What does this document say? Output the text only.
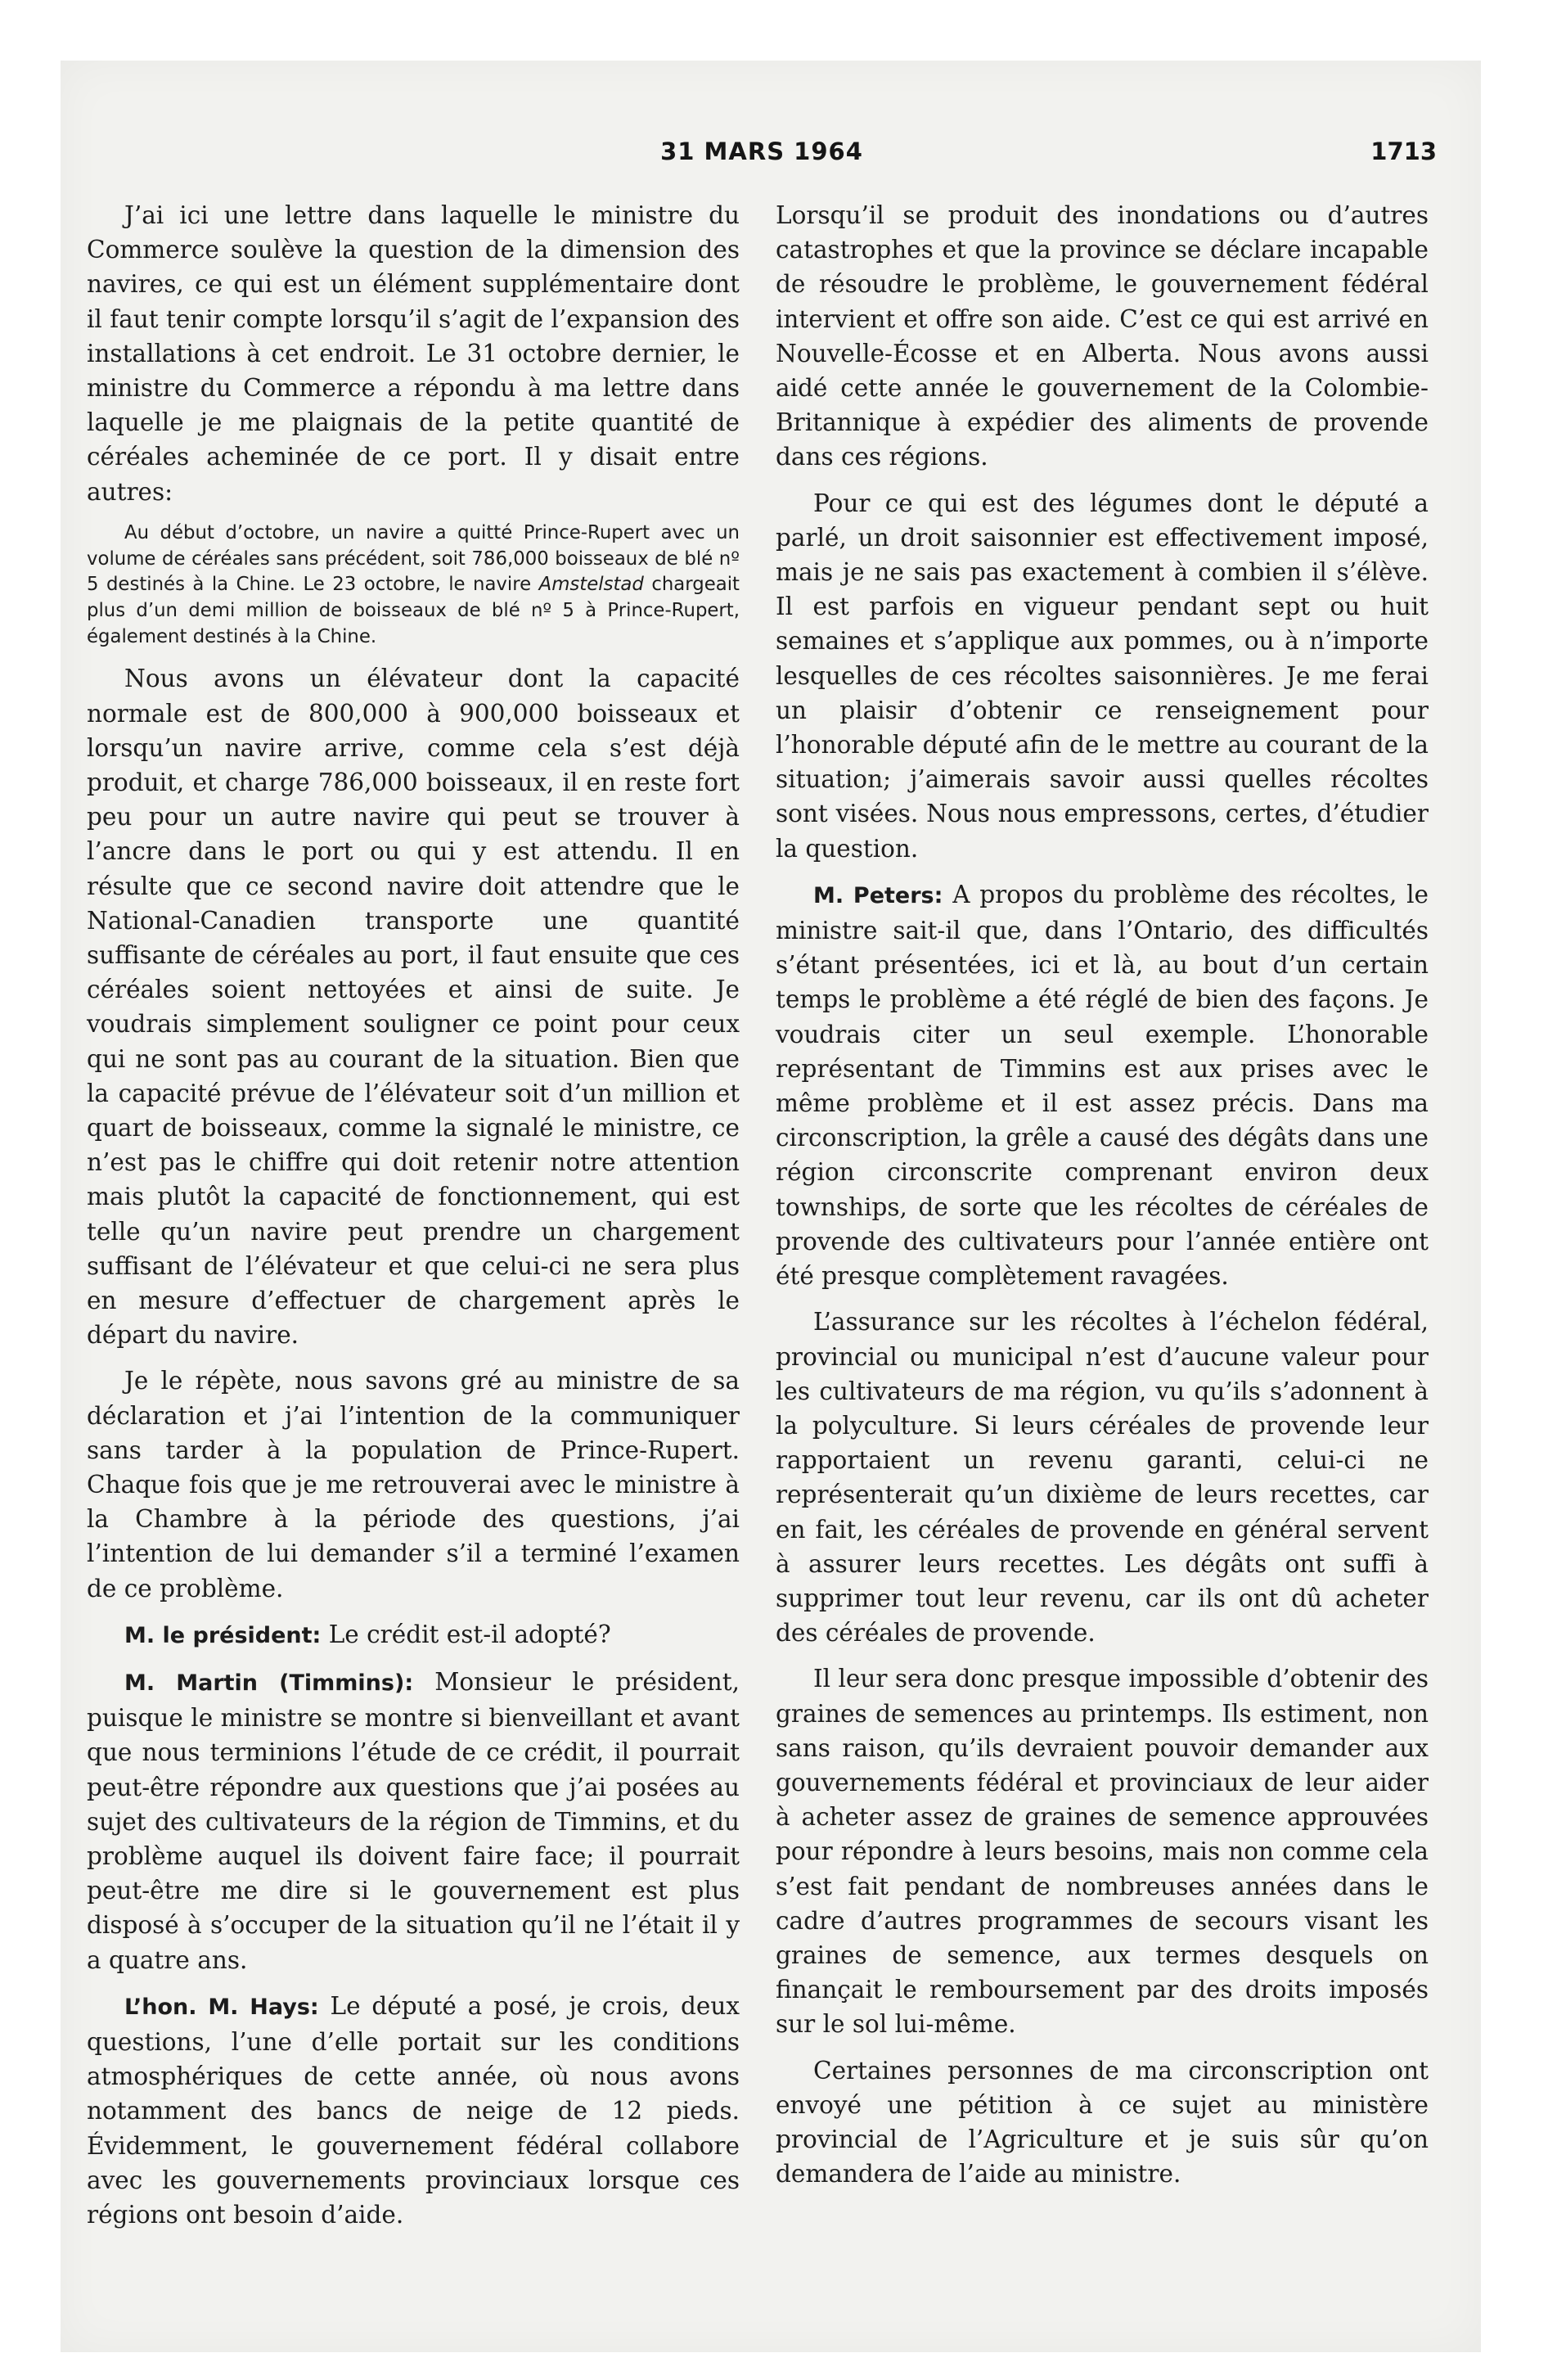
31 MARS 1964	1713

J’ai ici une lettre dans laquelle le ministre du Commerce soulève la question de la dimension des navires, ce qui est un élément supplémentaire dont il faut tenir compte lorsqu’il s’agit de l’expansion des installations à cet endroit. Le 31 octobre dernier, le ministre du Commerce a répondu à ma lettre dans laquelle je me plaignais de la petite quantité de céréales acheminée de ce port. Il y disait entre autres:

Au début d’octobre, un navire a quitté Prince-Rupert avec un volume de céréales sans précédent, soit 786,000 boisseaux de blé nº 5 destinés à la Chine. Le 23 octobre, le navire Amstelstad chargeait plus d’un demi million de boisseaux de blé nº 5 à Prince-Rupert, également destinés à la Chine.

Nous avons un élévateur dont la capacité normale est de 800,000 à 900,000 boisseaux et lorsqu’un navire arrive, comme cela s’est déjà produit, et charge 786,000 boisseaux, il en reste fort peu pour un autre navire qui peut se trouver à l’ancre dans le port ou qui y est attendu. Il en résulte que ce second navire doit attendre que le National-Canadien transporte une quantité suffisante de céréales au port, il faut ensuite que ces céréales soient nettoyées et ainsi de suite. Je voudrais simplement souligner ce point pour ceux qui ne sont pas au courant de la situation. Bien que la capacité prévue de l’élévateur soit d’un million et quart de boisseaux, comme la signalé le ministre, ce n’est pas le chiffre qui doit retenir notre attention mais plutôt la capacité de fonctionnement, qui est telle qu’un navire peut prendre un chargement suffisant de l’élévateur et que celui-ci ne sera plus en mesure d’effectuer de chargement après le départ du navire.

Je le répète, nous savons gré au ministre de sa déclaration et j’ai l’intention de la communiquer sans tarder à la population de Prince-Rupert. Chaque fois que je me retrouverai avec le ministre à la Chambre à la période des questions, j’ai l’intention de lui demander s’il a terminé l’examen de ce problème.

M. le président: Le crédit est-il adopté?

M. Martin (Timmins): Monsieur le président, puisque le ministre se montre si bienveillant et avant que nous terminions l’étude de ce crédit, il pourrait peut-être répondre aux questions que j’ai posées au sujet des cultivateurs de la région de Timmins, et du problème auquel ils doivent faire face; il pourrait peut-être me dire si le gouvernement est plus disposé à s’occuper de la situation qu’il ne l’était il y a quatre ans.

L’hon. M. Hays: Le député a posé, je crois, deux questions, l’une d’elle portait sur les conditions atmosphériques de cette année, où nous avons notamment des bancs de neige de 12 pieds. Évidemment, le gouvernement fédéral collabore avec les gouvernements provinciaux lorsque ces régions ont besoin d’aide.

Lorsqu’il se produit des inondations ou d’autres catastrophes et que la province se déclare incapable de résoudre le problème, le gouvernement fédéral intervient et offre son aide. C’est ce qui est arrivé en Nouvelle-Écosse et en Alberta. Nous avons aussi aidé cette année le gouvernement de la Colombie-Britannique à expédier des aliments de provende dans ces régions.

Pour ce qui est des légumes dont le député a parlé, un droit saisonnier est effectivement imposé, mais je ne sais pas exactement à combien il s’élève. Il est parfois en vigueur pendant sept ou huit semaines et s’applique aux pommes, ou à n’importe lesquelles de ces récoltes saisonnières. Je me ferai un plaisir d’obtenir ce renseignement pour l’honorable député afin de le mettre au courant de la situation; j’aimerais savoir aussi quelles récoltes sont visées. Nous nous empressons, certes, d’étudier la question.

M. Peters: A propos du problème des récoltes, le ministre sait-il que, dans l’Ontario, des difficultés s’étant présentées, ici et là, au bout d’un certain temps le problème a été réglé de bien des façons. Je voudrais citer un seul exemple. L’honorable représentant de Timmins est aux prises avec le même problème et il est assez précis. Dans ma circonscription, la grêle a causé des dégâts dans une région circonscrite comprenant environ deux townships, de sorte que les récoltes de céréales de provende des cultivateurs pour l’année entière ont été presque complètement ravagées.

L’assurance sur les récoltes à l’échelon fédéral, provincial ou municipal n’est d’aucune valeur pour les cultivateurs de ma région, vu qu’ils s’adonnent à la polyculture. Si leurs céréales de provende leur rapportaient un revenu garanti, celui-ci ne représenterait qu’un dixième de leurs recettes, car en fait, les céréales de provende en général servent à assurer leurs recettes. Les dégâts ont suffi à supprimer tout leur revenu, car ils ont dû acheter des céréales de provende.

Il leur sera donc presque impossible d’obtenir des graines de semences au printemps. Ils estiment, non sans raison, qu’ils devraient pouvoir demander aux gouvernements fédéral et provinciaux de leur aider à acheter assez de graines de semence approuvées pour répondre à leurs besoins, mais non comme cela s’est fait pendant de nombreuses années dans le cadre d’autres programmes de secours visant les graines de semence, aux termes desquels on finançait le remboursement par des droits imposés sur le sol lui-même.

Certaines personnes de ma circonscription ont envoyé une pétition à ce sujet au ministère provincial de l’Agriculture et je suis sûr qu’on demandera de l’aide au ministre.
